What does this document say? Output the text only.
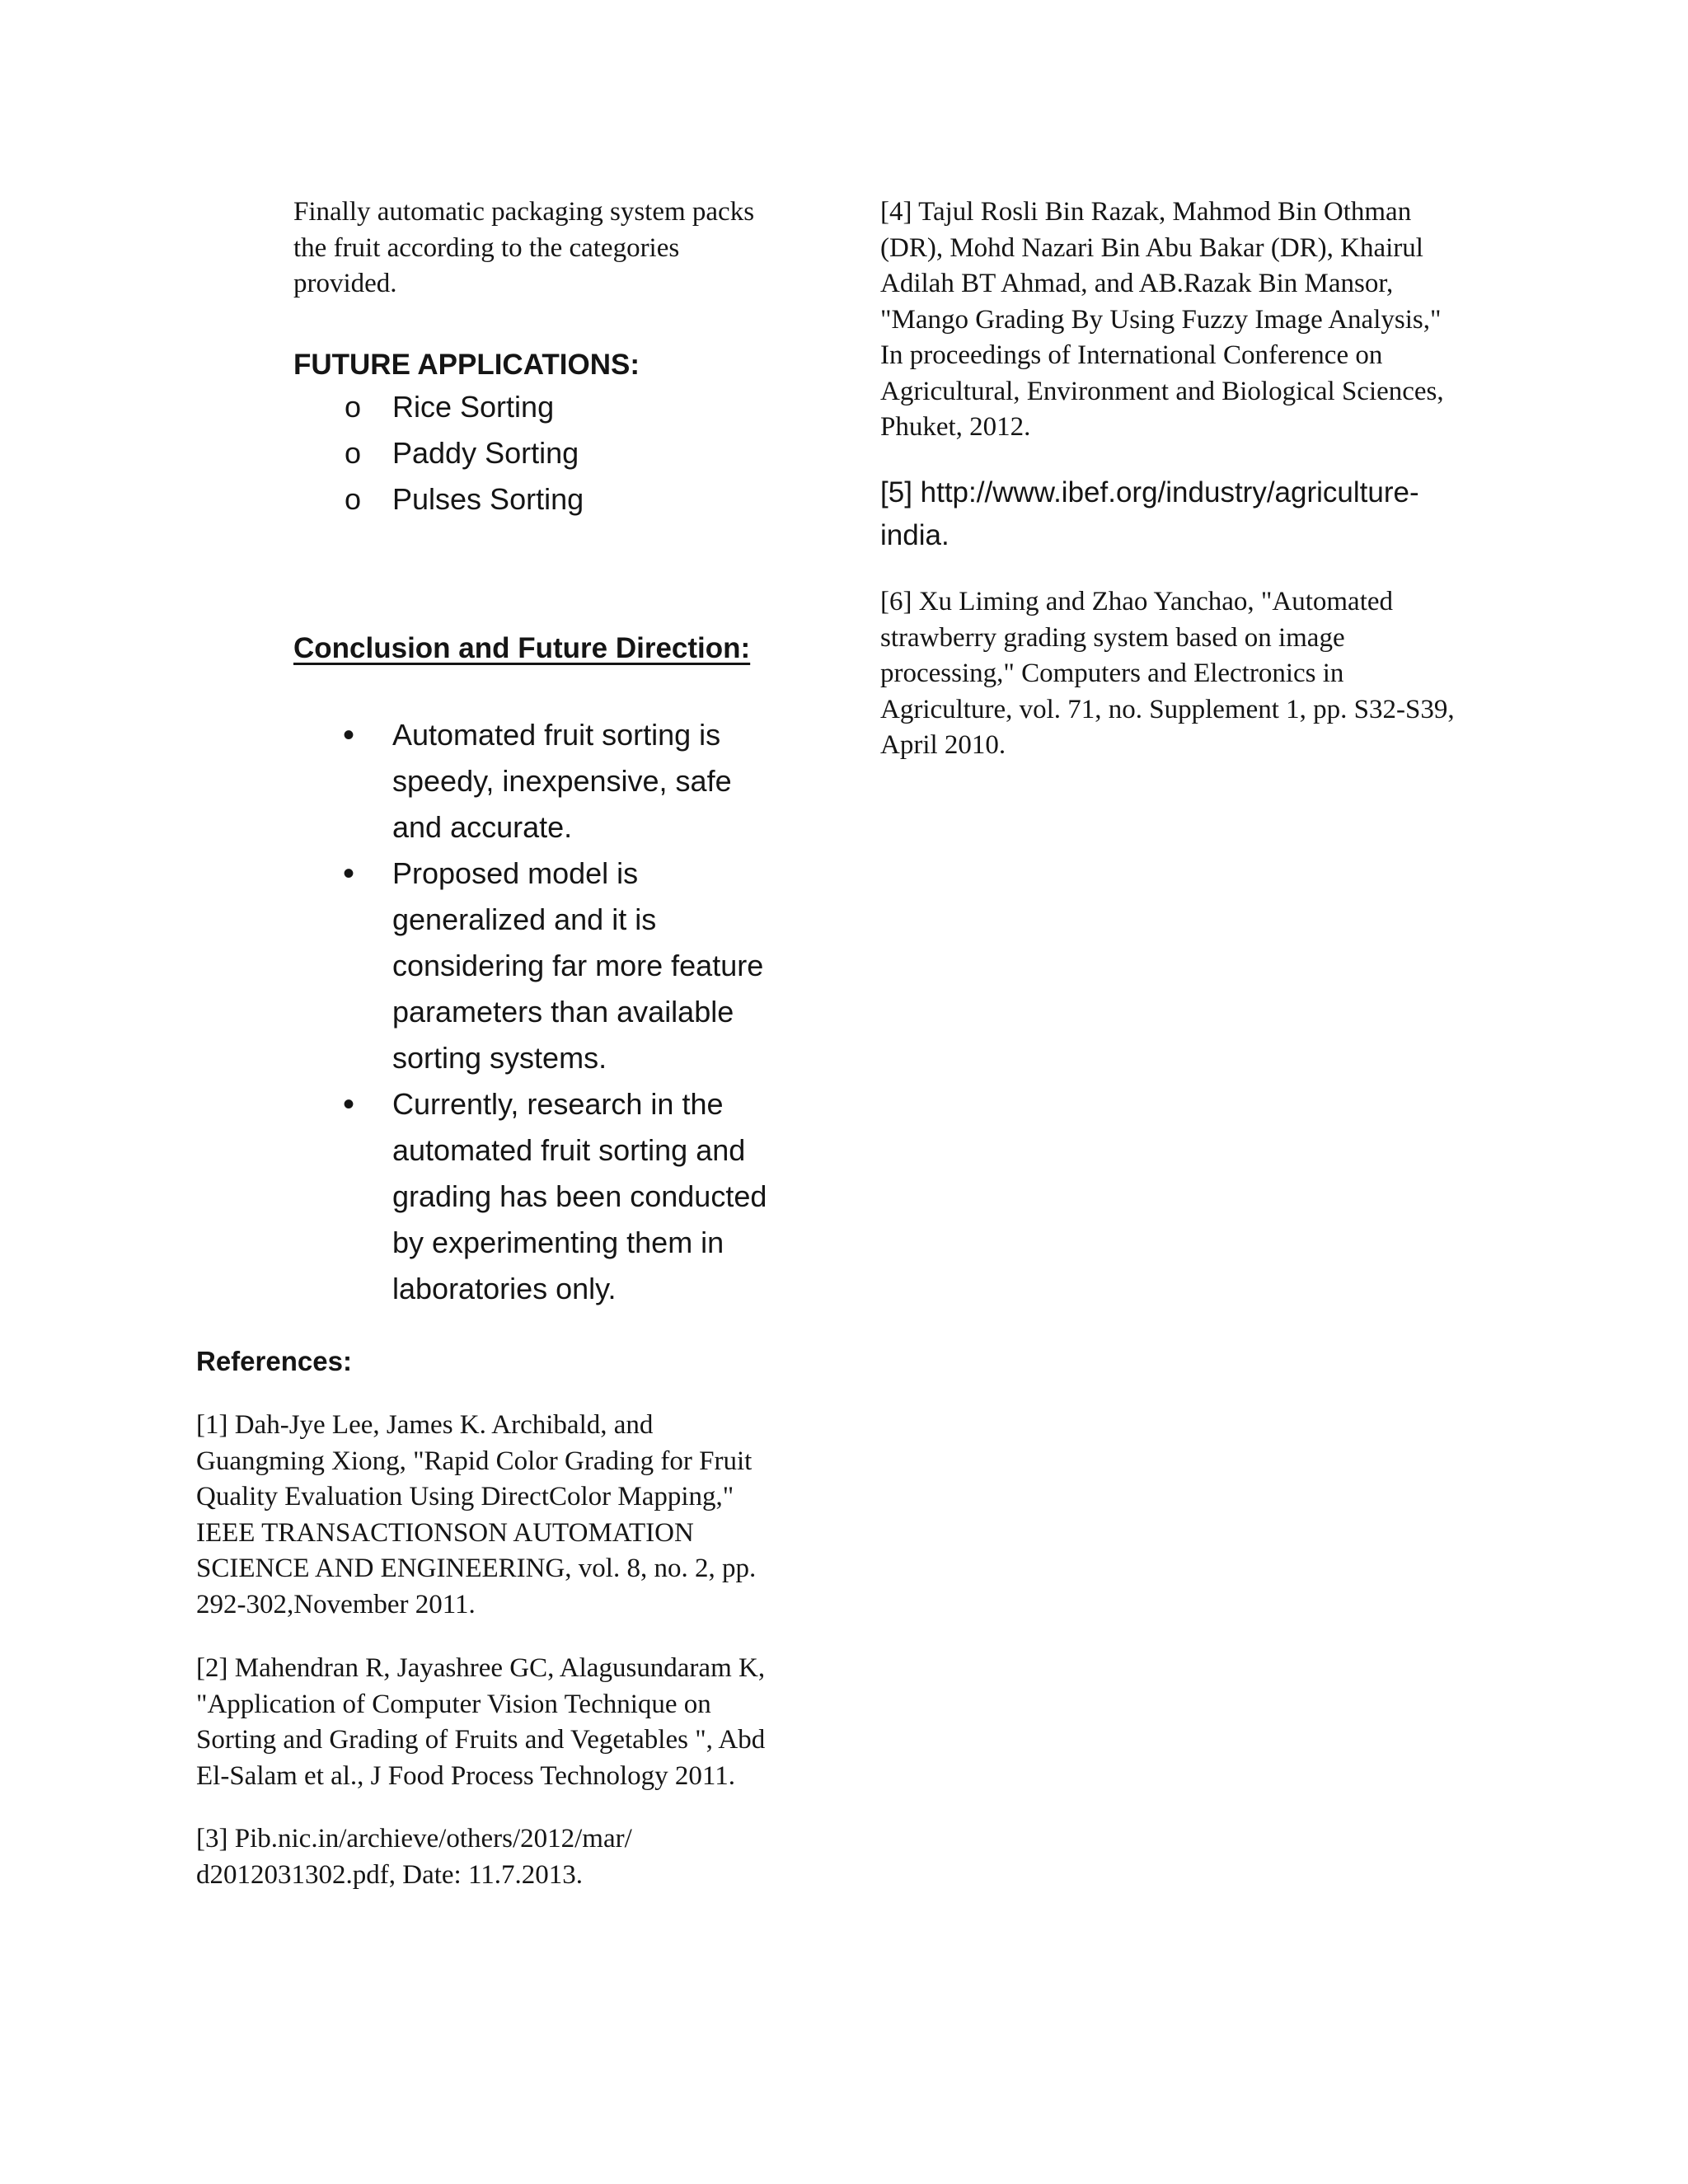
Finally automatic packaging system packs
the fruit according to the categories
provided.

FUTURE APPLICATIONS:
o Rice Sorting
o Paddy Sorting
o Pulses Sorting
Conclusion and Future Direction:
• Automated fruit sorting is
speedy, inexpensive, safe
and accurate.
• Proposed model is
generalized and it is
considering far more feature
parameters than available
sorting systems.
• Currently, research in the
automated fruit sorting and
grading has been conducted
by experimenting them in
laboratories only.
References:

[1] Dah-Jye Lee, James K. Archibald, and
Guangming Xiong, "Rapid Color Grading for Fruit
Quality Evaluation Using DirectColor Mapping,"
IEEE TRANSACTIONSON AUTOMATION
SCIENCE AND ENGINEERING, vol. 8, no. 2, pp.
292-302,November 2011.

[2] Mahendran R, Jayashree GC, Alagusundaram K,
"Application of Computer Vision Technique on
Sorting and Grading of Fruits and Vegetables ", Abd
El-Salam et al., J Food Process Technology 2011.

[3] Pib.nic.in/archieve/others/2012/mar/
d2012031302.pdf, Date: 11.7.2013.

[4] Tajul Rosli Bin Razak, Mahmod Bin Othman
(DR), Mohd Nazari Bin Abu Bakar (DR), Khairul
Adilah BT Ahmad, and AB.Razak Bin Mansor,
"Mango Grading By Using Fuzzy Image Analysis,"
In proceedings of International Conference on
Agricultural, Environment and Biological Sciences,
Phuket, 2012.

[5] http://www.ibef.org/industry/agriculture-
india.

[6] Xu Liming and Zhao Yanchao, "Automated
strawberry grading system based on image
processing," Computers and Electronics in
Agriculture, vol. 71, no. Supplement 1, pp. S32-S39,
April 2010.
